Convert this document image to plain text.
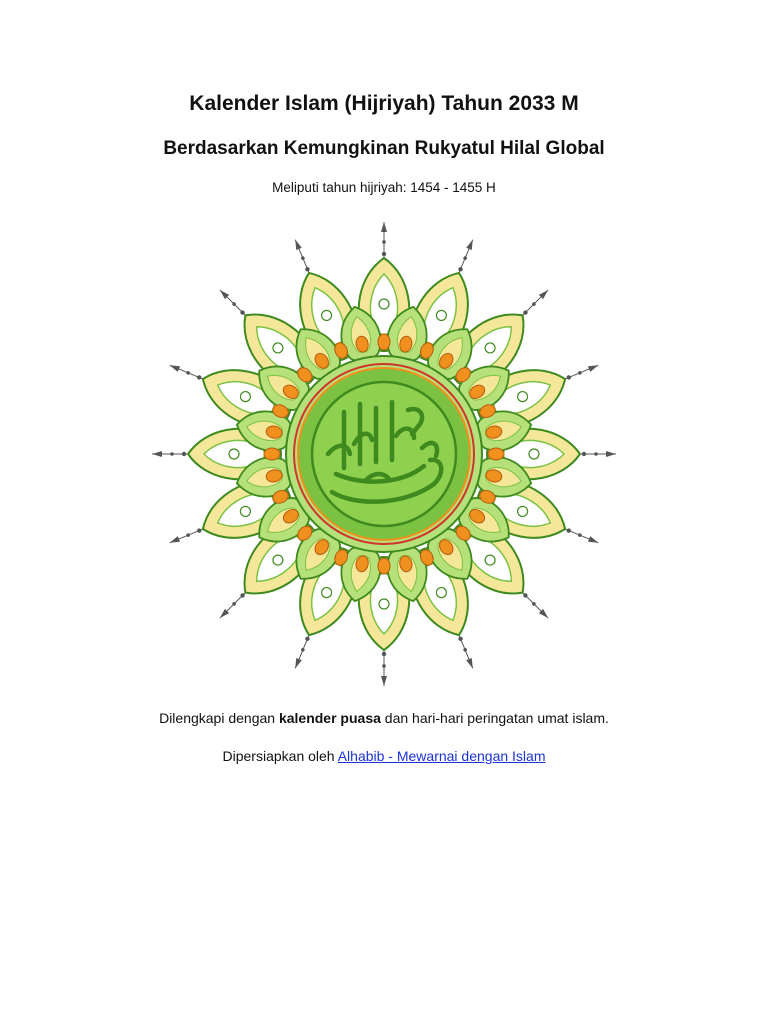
Kalender Islam (Hijriyah) Tahun 2033 M
Berdasarkan Kemungkinan Rukyatul Hilal Global

Meliputi tahun hijriyah: 1454 - 1455 H

Dilengkapi dengan kalender puasa dan hari-hari peringatan umat islam.

Dipersiapkan oleh Alhabib - Mewarnai dengan Islam
